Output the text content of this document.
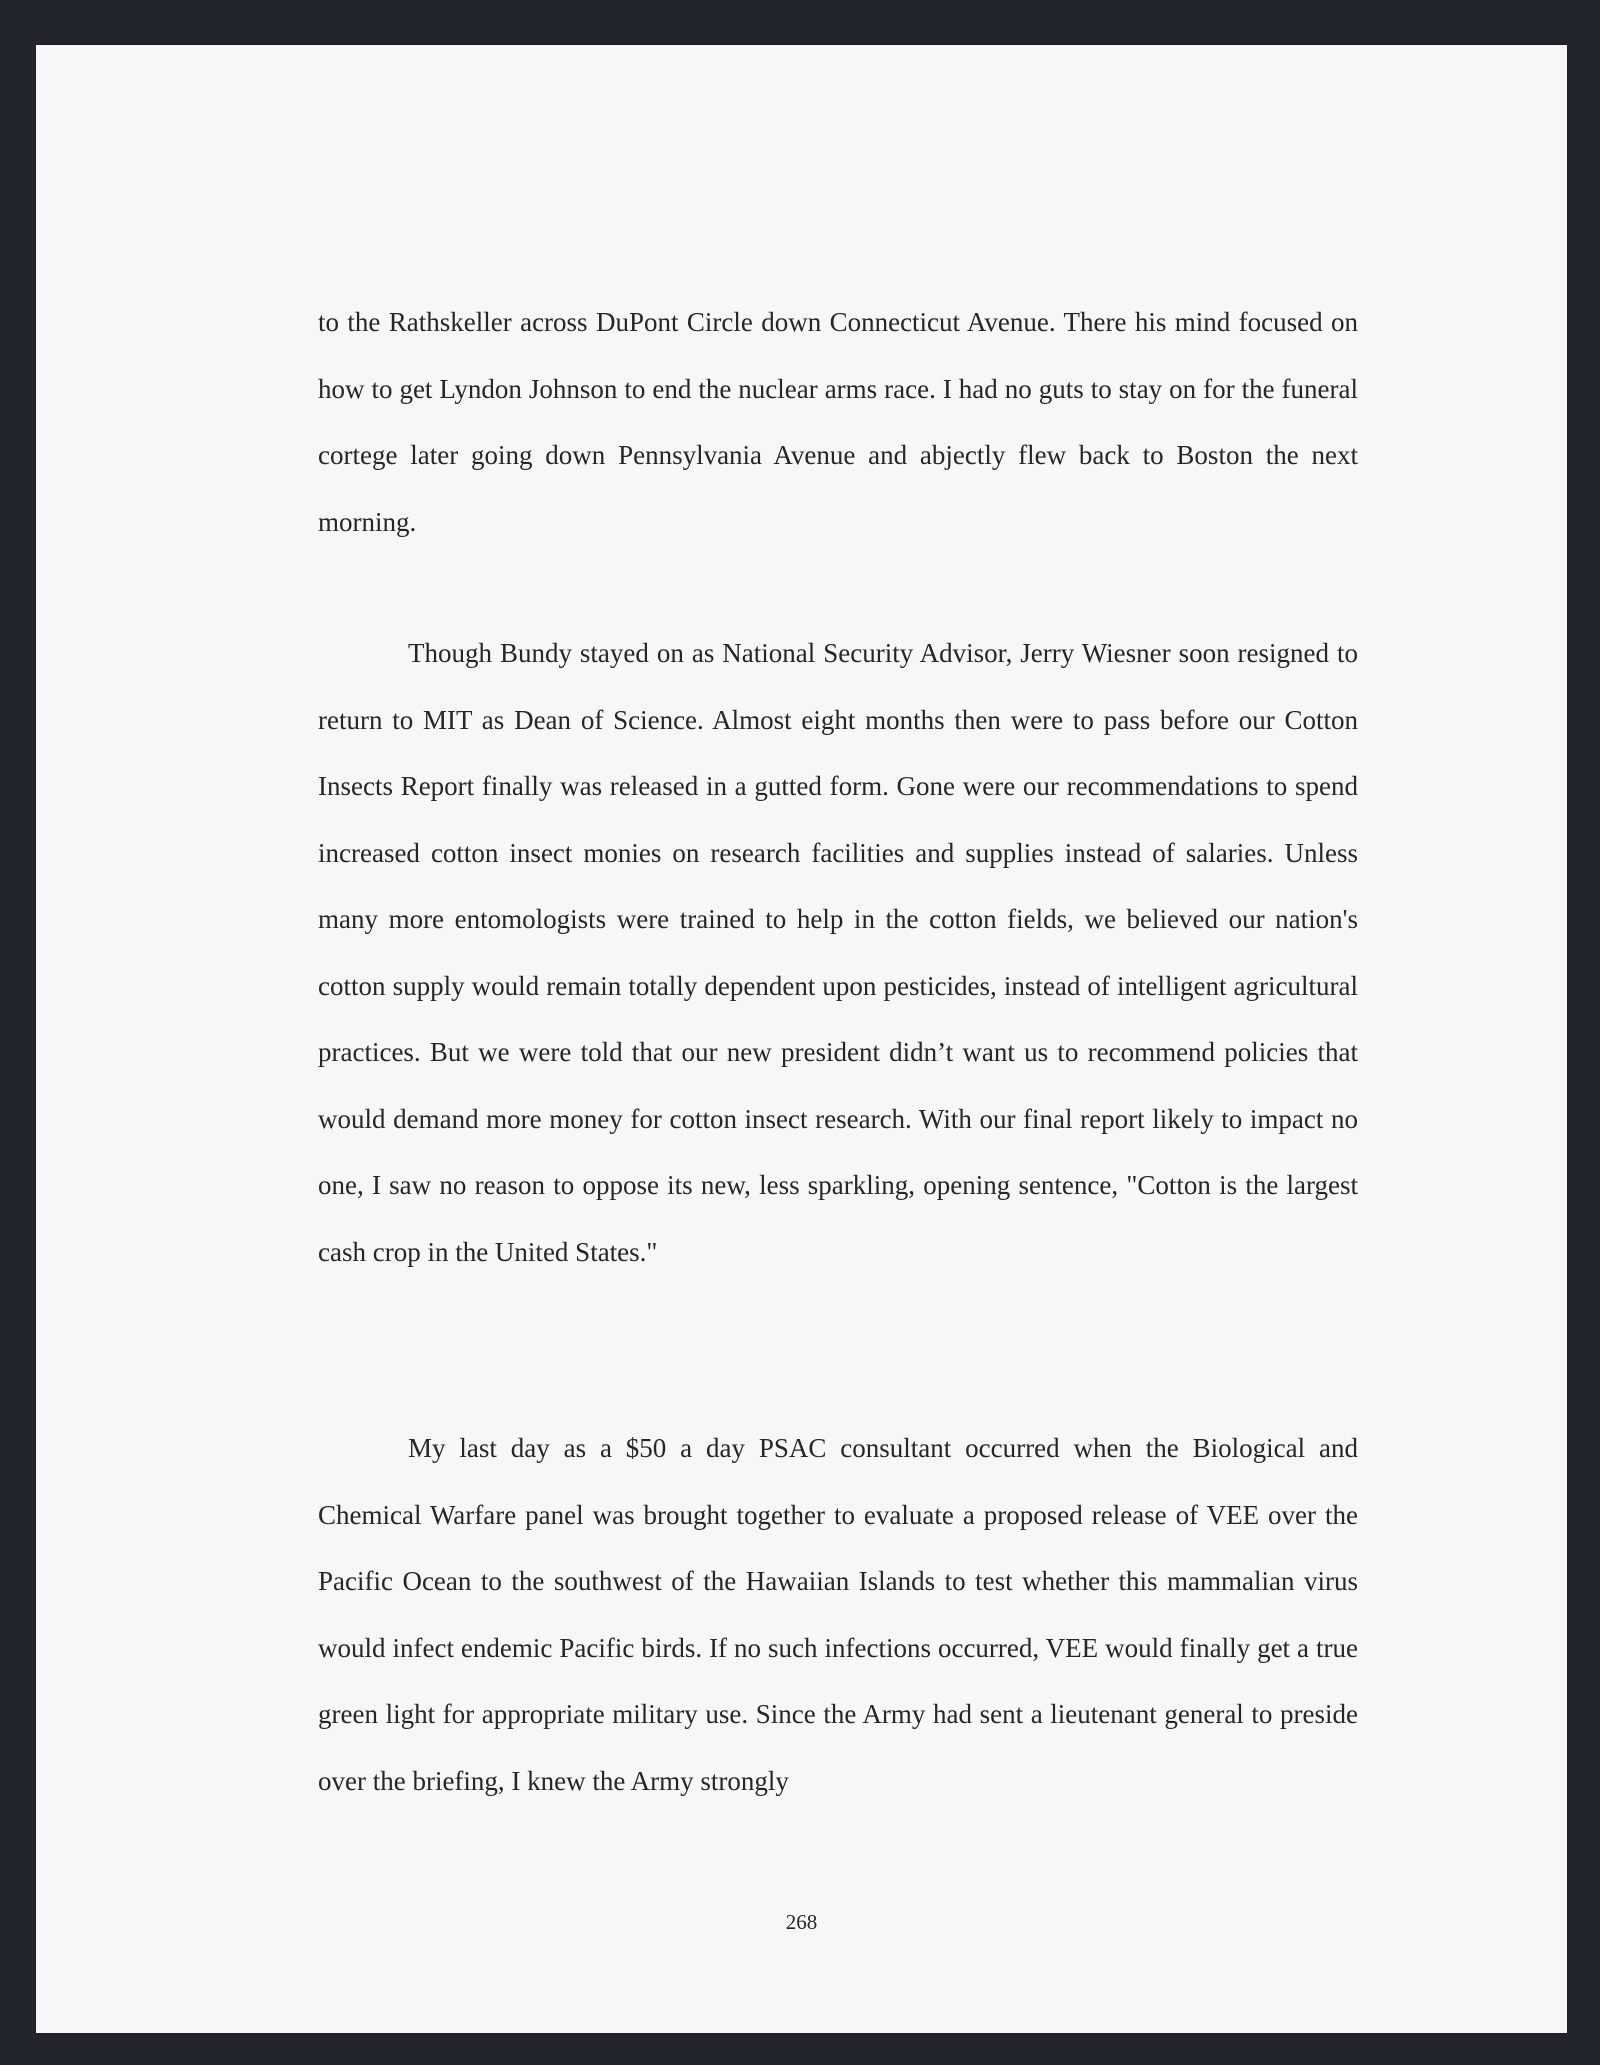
to the Rathskeller across DuPont Circle down Connecticut Avenue. There his mind focused on how to get Lyndon Johnson to end the nuclear arms race. I had no guts to stay on for the funeral cortege later going down Pennsylvania Avenue and abjectly flew back to Boston the next morning.

Though Bundy stayed on as National Security Advisor, Jerry Wiesner soon resigned to return to MIT as Dean of Science. Almost eight months then were to pass before our Cotton Insects Report finally was released in a gutted form. Gone were our recommendations to spend increased cotton insect monies on research facilities and supplies instead of salaries. Unless many more entomologists were trained to help in the cotton fields, we believed our nation's cotton supply would remain totally dependent upon pesticides, instead of intelligent agricultural practices. But we were told that our new president didn’t want us to recommend policies that would demand more money for cotton insect research. With our final report likely to impact no one, I saw no reason to oppose its new, less sparkling, opening sentence, "Cotton is the largest cash crop in the United States."

My last day as a $50 a day PSAC consultant occurred when the Biological and Chemical Warfare panel was brought together to evaluate a proposed release of VEE over the Pacific Ocean to the southwest of the Hawaiian Islands to test whether this mammalian virus would infect endemic Pacific birds. If no such infections occurred, VEE would finally get a true green light for appropriate military use. Since the Army had sent a lieutenant general to preside over the briefing, I knew the Army strongly

268
